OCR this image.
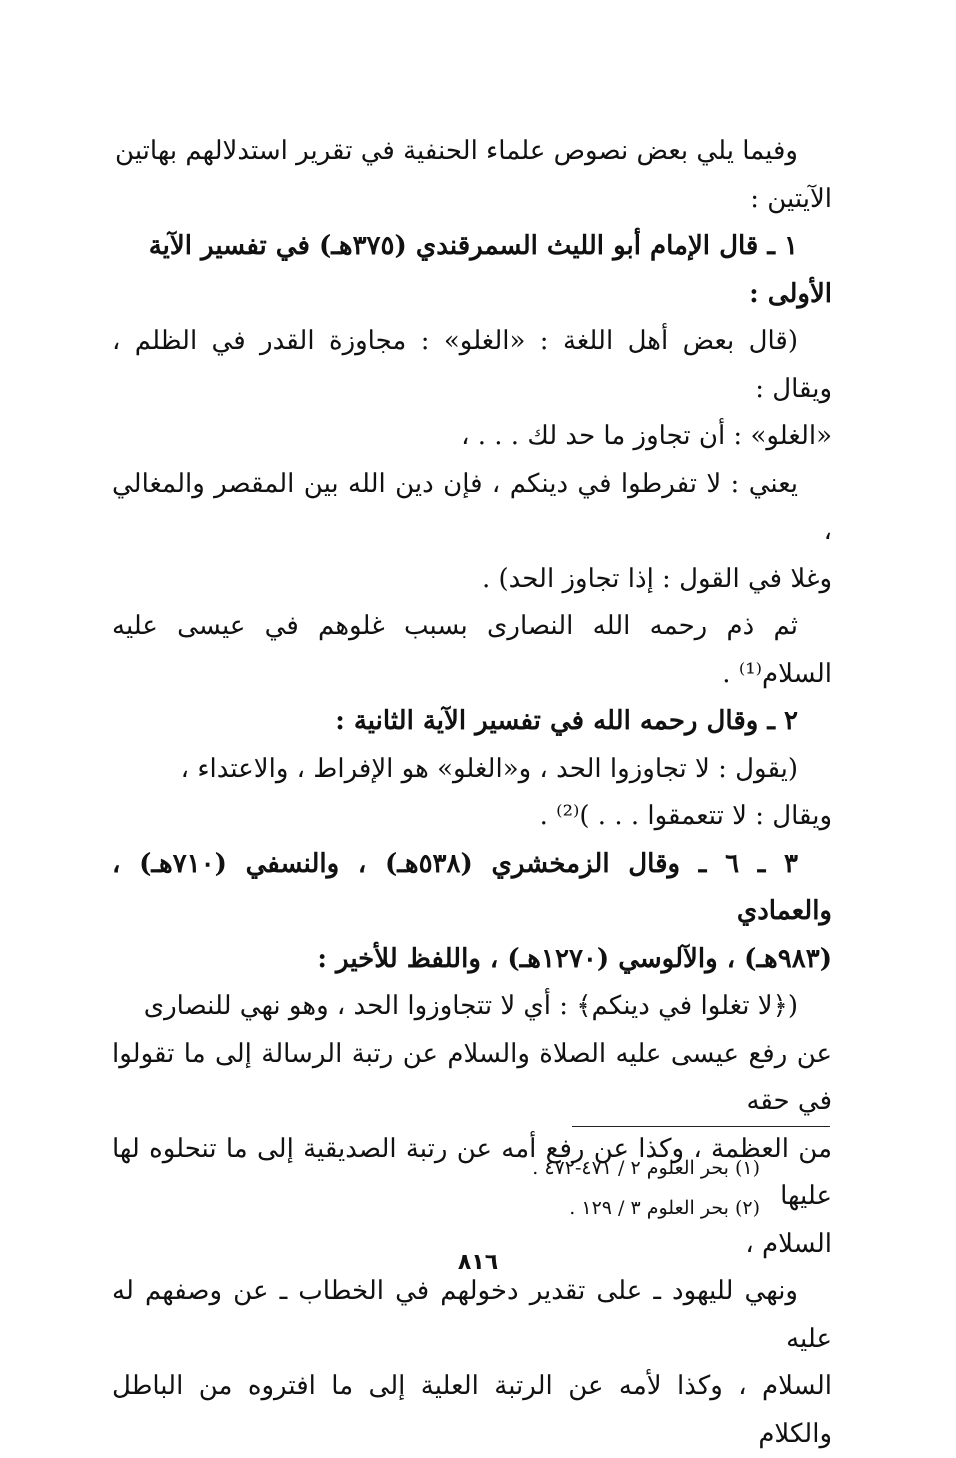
وفيما يلي بعض نصوص علماء الحنفية في تقرير استدلالهم بهاتين

الآيتين :

١ ـ قال الإمام أبو الليث السمرقندي (٣٧٥هـ) في تفسير الآية

الأولى :

(قال بعض أهل اللغة : «الغلو» : مجاوزة القدر في الظلم ، ويقال :

«الغلو» : أن تجاوز ما حد لك . . . ،

يعني : لا تفرطوا في دينكم ، فإن دين الله بين المقصر والمغالي ،

وغلا في القول : إذا تجاوز الحد) .

ثم ذم رحمه الله النصارى بسبب غلوهم في عيسى عليه السلام⁽¹⁾ .

٢ ـ وقال رحمه الله في تفسير الآية الثانية :

(يقول : لا تجاوزوا الحد ، و«الغلو» هو الإفراط ، والاعتداء ،

ويقال : لا تتعمقوا . . . )⁽²⁾ .

٣ ـ ٦ ـ وقال الزمخشري (٥٣٨هـ) ، والنسفي (٧١٠هـ) ، والعمادي

(٩٨٣هـ) ، والآلوسي (١٢٧٠هـ) ، واللفظ للأخير :

(﴿لا تغلوا في دينكم﴾ : أي لا تتجاوزوا الحد ، وهو نهي للنصارى

عن رفع عيسى عليه الصلاة والسلام عن رتبة الرسالة إلى ما تقولوا في حقه

من العظمة ، وكذا عن رفع أمه عن رتبة الصديقية إلى ما تنحلوه لها عليها

السلام ،

ونهي لليهود ـ على تقدير دخولهم في الخطاب ـ عن وصفهم له عليه

السلام ، وكذا لأمه عن الرتبة العلية إلى ما افتروه من الباطل والكلام

(١) بحر العلوم ٢ / ٤٧١-٤٧٢ .
(٢) بحر العلوم ٣ / ١٢٩ .
٨١٦
